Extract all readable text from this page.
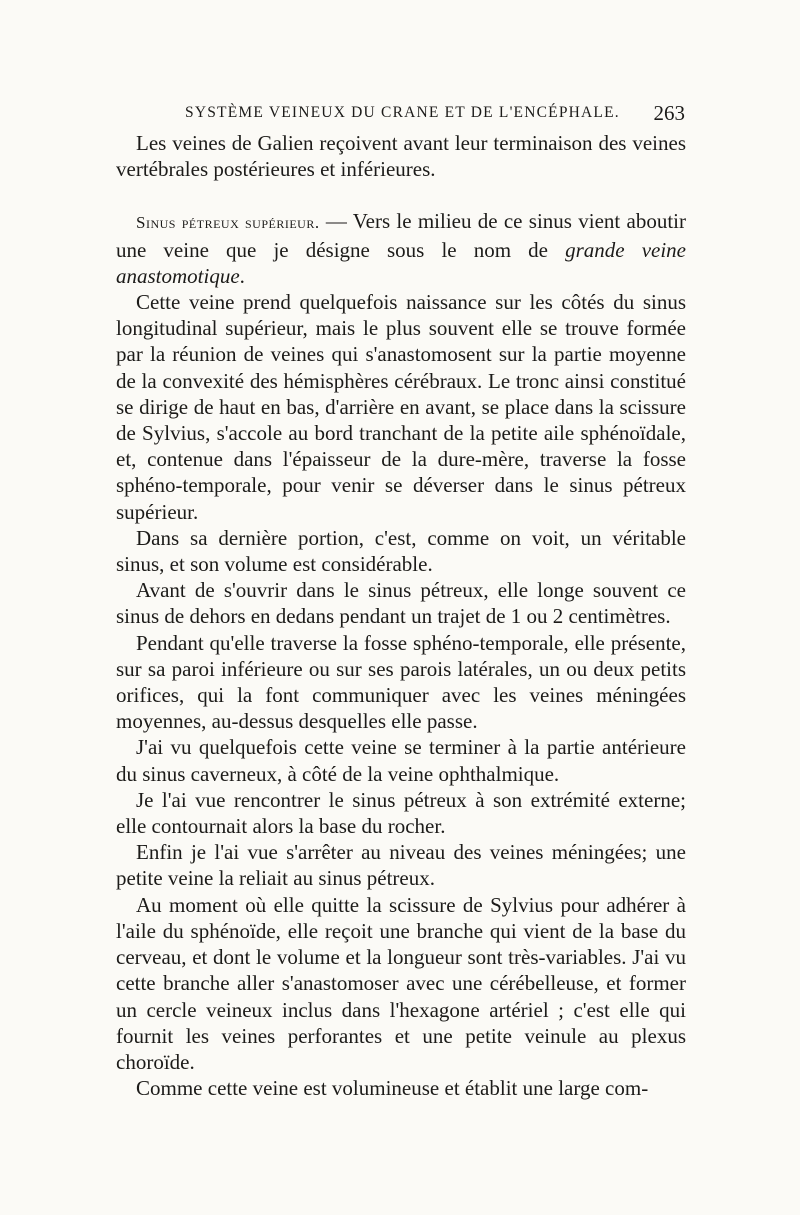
SYSTÈME VEINEUX DU CRANE ET DE L'ENCÉPHALE. 263

Les veines de Galien reçoivent avant leur terminaison des veines vertébrales postérieures et inférieures.

Sinus pétreux supérieur. — Vers le milieu de ce sinus vient aboutir une veine que je désigne sous le nom de grande veine anastomotique.

Cette veine prend quelquefois naissance sur les côtés du sinus longitudinal supérieur, mais le plus souvent elle se trouve formée par la réunion de veines qui s'anastomosent sur la partie moyenne de la convexité des hémisphères cérébraux. Le tronc ainsi constitué se dirige de haut en bas, d'arrière en avant, se place dans la scissure de Sylvius, s'accole au bord tranchant de la petite aile sphénoïdale, et, contenue dans l'épaisseur de la dure-mère, traverse la fosse sphéno-temporale, pour venir se déverser dans le sinus pétreux supérieur.

Dans sa dernière portion, c'est, comme on voit, un véritable sinus, et son volume est considérable.

Avant de s'ouvrir dans le sinus pétreux, elle longe souvent ce sinus de dehors en dedans pendant un trajet de 1 ou 2 centimètres.

Pendant qu'elle traverse la fosse sphéno-temporale, elle présente, sur sa paroi inférieure ou sur ses parois latérales, un ou deux petits orifices, qui la font communiquer avec les veines méningées moyennes, au-dessus desquelles elle passe.

J'ai vu quelquefois cette veine se terminer à la partie antérieure du sinus caverneux, à côté de la veine ophthalmique.

Je l'ai vue rencontrer le sinus pétreux à son extrémité externe; elle contournait alors la base du rocher.

Enfin je l'ai vue s'arrêter au niveau des veines méningées; une petite veine la reliait au sinus pétreux.

Au moment où elle quitte la scissure de Sylvius pour adhérer à l'aile du sphénoïde, elle reçoit une branche qui vient de la base du cerveau, et dont le volume et la longueur sont très-variables. J'ai vu cette branche aller s'anastomoser avec une cérébelleuse, et former un cercle veineux inclus dans l'hexagone artériel ; c'est elle qui fournit les veines perforantes et une petite veinule au plexus choroïde.

Comme cette veine est volumineuse et établit une large com-
